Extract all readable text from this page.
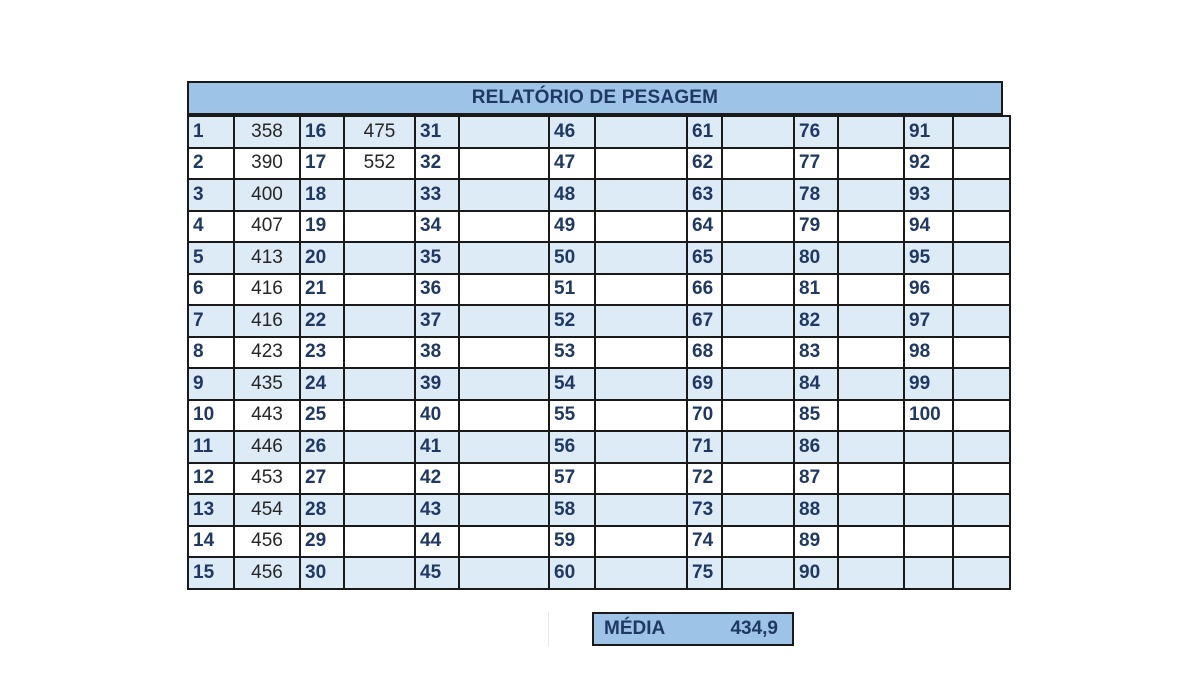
RELATÓRIO DE PESAGEM
1	358	16	475	31		46		61		76		91	
2	390	17	552	32		47		62		77		92	
3	400	18		33		48		63		78		93	
4	407	19		34		49		64		79		94	
5	413	20		35		50		65		80		95	
6	416	21		36		51		66		81		96	
7	416	22		37		52		67		82		97	
8	423	23		38		53		68		83		98	
9	435	24		39		54		69		84		99	
10	443	25		40		55		70		85		100	
11	446	26		41		56		71		86			
12	453	27		42		57		72		87			
13	454	28		43		58		73		88			
14	456	29		44		59		74		89			
15	456	30		45		60		75		90			
MÉDIA	434,9
